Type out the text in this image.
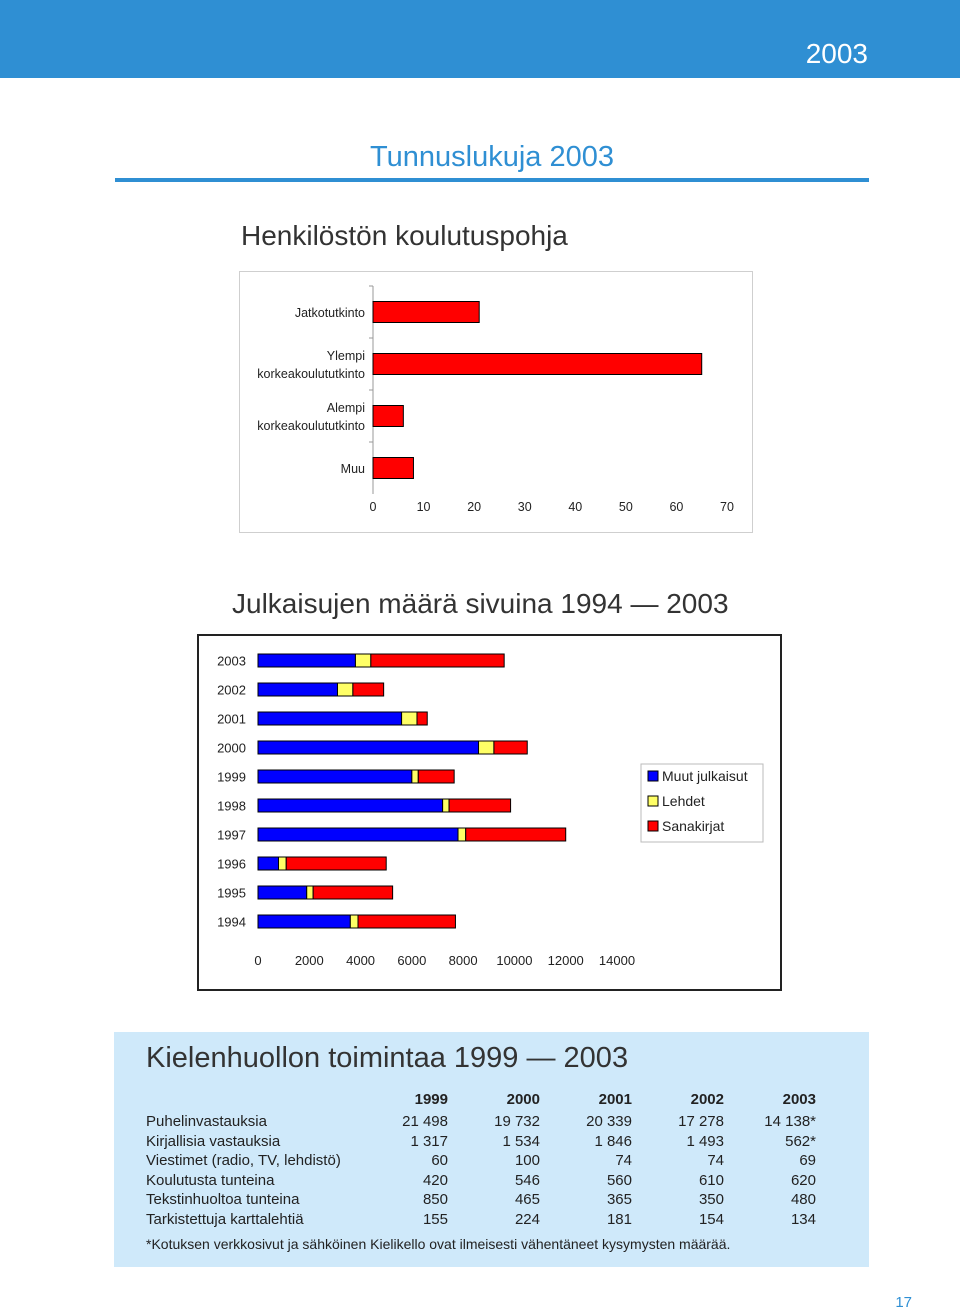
Kotimaisten kielten tutkimuskeskus
2003
Tunnuslukuja 2003
Henkilöstön koulutuspohja
Jatkotutkinto
Ylempi
korkeakoulututkinto
Alempi
korkeakoulututkinto
Muu
0	10	20	30	40	50	60	70
Julkaisujen määrä sivuina 1994 — 2003
2003
2002
2001
2000
1999
1998
1997
1996
1995
1994
0	2000 4000 6000 8000 10000 12000 14000
Muut julkaisut
Lehdet
Sanakirjat
Kielenhuollon toimintaa 1999 — 2003
	1999	2000	2001	2002	2003
Puhelinvastauksia	21 498	19 732	20 339	17 278	14 138*
Kirjallisia vastauksia	1 317	1 534	1 846	1 493	562*
Viestimet (radio, TV, lehdistö)	60	100	74	74	69
Koulutusta tunteina	420	546	560	610	620
Tekstinhuoltoa tunteina	850	465	365	350	480
Tarkistettuja karttalehtiä	155	224	181	154	134
*Kotuksen verkkosivut ja sähköinen Kielikello ovat ilmeisesti vähentäneet kysymysten määrää.
17
